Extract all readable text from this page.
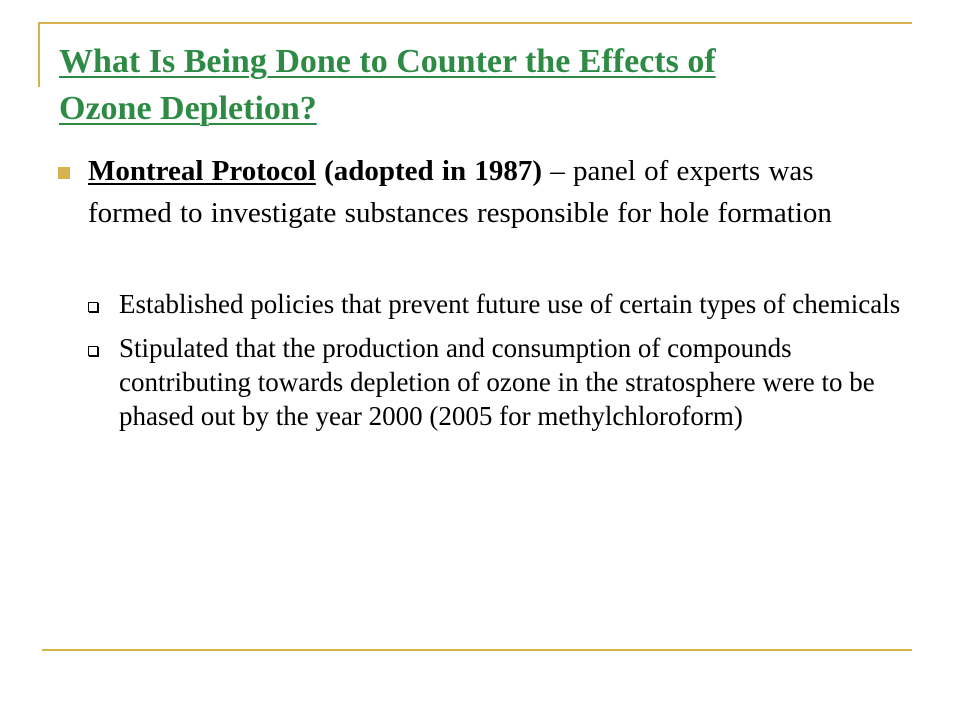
What Is Being Done to Counter the Effects of
Ozone Depletion?
Montreal Protocol (adopted in 1987) – panel of experts was formed to investigate substances responsible for hole formation
Established policies that prevent future use of certain types of chemicals
Stipulated that the production and consumption of compounds contributing towards depletion of ozone in the stratosphere were to be phased out by the year 2000 (2005 for methylchloroform)
